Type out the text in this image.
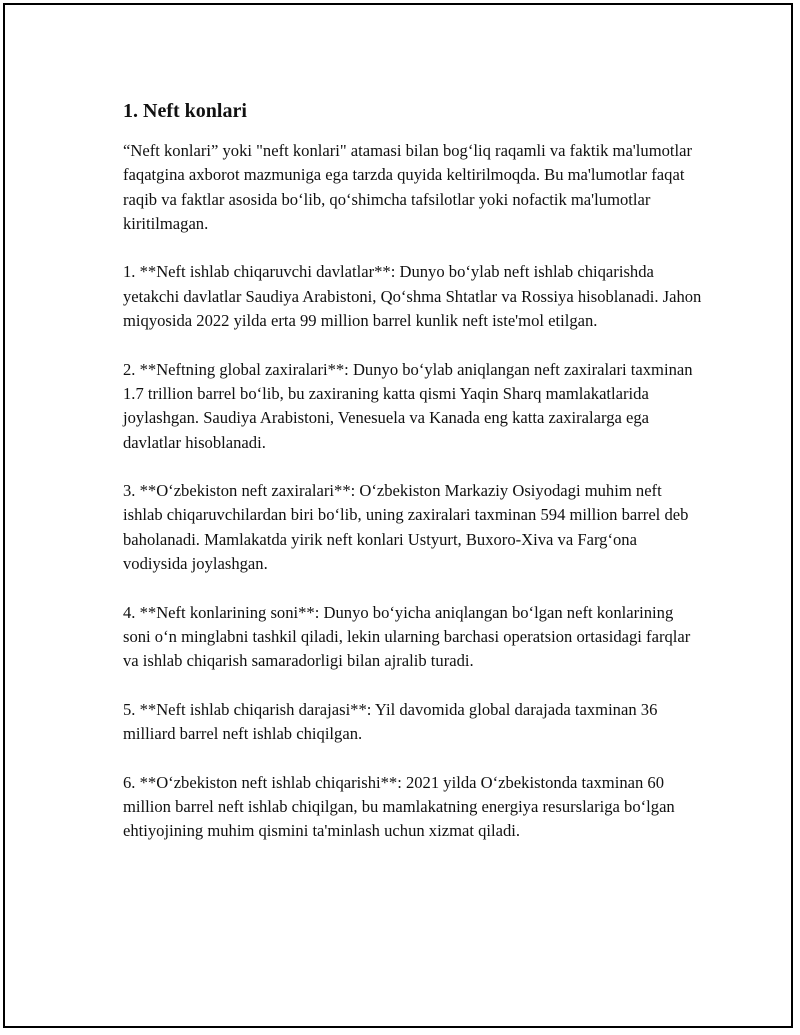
1. Neft konlari

“Neft konlari” yoki "neft konlari" atamasi bilan bog‘liq raqamli va faktik ma'lumotlar faqatgina axborot mazmuniga ega tarzda quyida keltirilmoqda. Bu ma'lumotlar faqat raqib va faktlar asosida bo‘lib, qo‘shimcha tafsilotlar yoki nofactik ma'lumotlar kiritilmagan.

1. **Neft ishlab chiqaruvchi davlatlar**: Dunyo bo‘ylab neft ishlab chiqarishda yetakchi davlatlar Saudiya Arabistoni, Qo‘shma Shtatlar va Rossiya hisoblanadi. Jahon miqyosida 2022 yilda erta 99 million barrel kunlik neft iste'mol etilgan.

2. **Neftning global zaxiralari**: Dunyo bo‘ylab aniqlangan neft zaxiralari taxminan 1.7 trillion barrel bo‘lib, bu zaxiraning katta qismi Yaqin Sharq mamlakatlarida joylashgan. Saudiya Arabistoni, Venesuela va Kanada eng katta zaxiralarga ega davlatlar hisoblanadi.

3. **O‘zbekiston neft zaxiralari**: O‘zbekiston Markaziy Osiyodagi muhim neft ishlab chiqaruvchilardan biri bo‘lib, uning zaxiralari taxminan 594 million barrel deb baholanadi. Mamlakatda yirik neft konlari Ustyurt, Buxoro-Xiva va Farg‘ona vodiysida joylashgan.

4. **Neft konlarining soni**: Dunyo bo‘yicha aniqlangan bo‘lgan neft konlarining soni o‘n minglabni tashkil qiladi, lekin ularning barchasi operatsion ortasidagi farqlar va ishlab chiqarish samaradorligi bilan ajralib turadi.

5. **Neft ishlab chiqarish darajasi**: Yil davomida global darajada taxminan 36 milliard barrel neft ishlab chiqilgan.

6. **O‘zbekiston neft ishlab chiqarishi**: 2021 yilda O‘zbekistonda taxminan 60 million barrel neft ishlab chiqilgan, bu mamlakatning energiya resurslariga bo‘lgan ehtiyojining muhim qismini ta'minlash uchun xizmat qiladi.
